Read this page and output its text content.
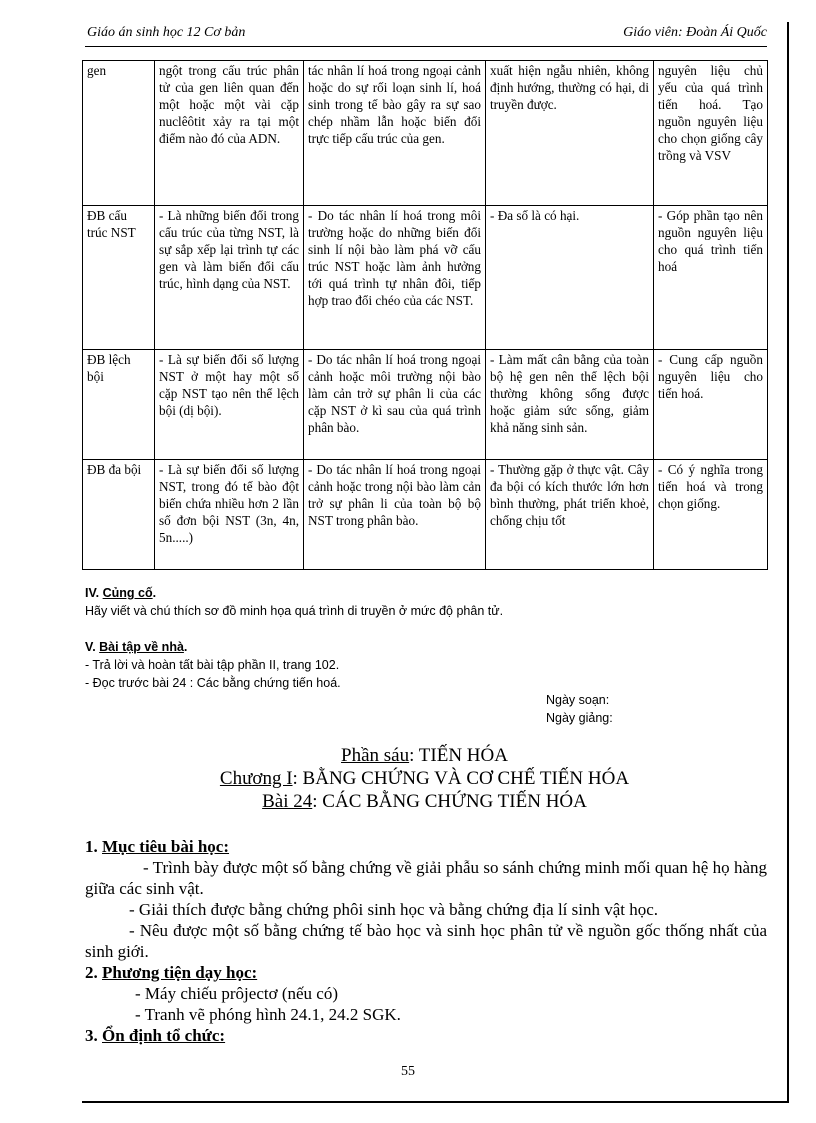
Giáo án sinh học 12 Cơ bản	Giáo viên: Đoàn Ái Quốc
gen	ngột trong cấu trúc phân tử của gen liên quan đến một hoặc một vài cặp nuclêôtit xảy ra tại một điểm nào đó của ADN.	tác nhân lí hoá trong ngoại cảnh hoặc do sự rối loạn sinh lí, hoá sinh trong tế bào gây ra sự sao chép nhầm lẫn hoặc biến đổi trực tiếp cấu trúc của gen.	xuất hiện ngẫu nhiên, không định hướng, thường có hại, di truyền được.	nguyên liệu chủ yếu của quá trình tiến hoá. Tạo nguồn nguyên liệu cho chọn giống cây trồng và VSV
ĐB cấu trúc NST	- Là những biến đổi trong cấu trúc của từng NST, là sự sắp xếp lại trình tự các gen và làm biến đổi cấu trúc, hình dạng của NST.	- Do tác nhân lí hoá trong môi trường hoặc do những biến đổi sinh lí nội bào làm phá vỡ cấu trúc NST hoặc làm ảnh hưởng tới quá trình tự nhân đôi, tiếp hợp trao đổi chéo của các NST.	- Đa số là có hại.	- Góp phần tạo nên nguồn nguyên liệu cho quá trình tiến hoá
ĐB lệch bội	- Là sự biến đổi số lượng NST ở một hay một số cặp NST tạo nên thể lệch bội (dị bội).	- Do tác nhân lí hoá trong ngoại cảnh hoặc môi trường nội bào làm cản trở sự phân li của các cặp NST ở kì sau của quá trình phân bào.	- Làm mất cân bằng của toàn bộ hệ gen nên thể lệch bội thường không sống được hoặc giảm sức sống, giảm khả năng sinh sản.	- Cung cấp nguồn nguyên liệu cho tiến hoá.
ĐB đa bội	- Là sự biến đổi số lượng NST, trong đó tế bào đột biến chứa nhiều hơn 2 lần số đơn bội NST (3n, 4n, 5n.....)	- Do tác nhân lí hoá trong ngoại cảnh hoặc trong nội bào làm cản trở sự phân li của toàn bộ bộ NST trong phân bào.	- Thường gặp ở thực vật. Cây đa bội có kích thước lớn hơn bình thường, phát triển khoẻ, chống chịu tốt	- Có ý nghĩa trong tiến hoá và trong chọn giống.
IV. Củng cố.
Hãy viết và chú thích sơ đồ minh họa quá trình di truyền ở mức độ phân tử.
V. Bài tập về nhà.
- Trả lời và hoàn tất bài tập phần II, trang 102.
- Đọc trước bài 24 : Các bằng chứng tiến hoá.
Ngày soạn:
Ngày giảng:
Phần sáu: TIẾN HÓA
Chương I: BẰNG CHỨNG VÀ CƠ CHẾ TIẾN HÓA
Bài 24: CÁC BẰNG CHỨNG TIẾN HÓA
1. Mục tiêu bài học:

- Trình bày được một số bằng chứng về giải phẫu so sánh chứng minh mối quan hệ họ hàng giữa các sinh vật.

- Giải thích được bằng chứng phôi sinh học và bằng chứng địa lí sinh vật học.

- Nêu được một số bằng chứng tế bào học và sinh học phân tử về nguồn gốc thống nhất của sinh giới.

2. Phương tiện dạy học:

- Máy chiếu prôjectơ (nếu có)

- Tranh vẽ phóng hình 24.1, 24.2 SGK.

3. Ổn định tổ chức:
55
